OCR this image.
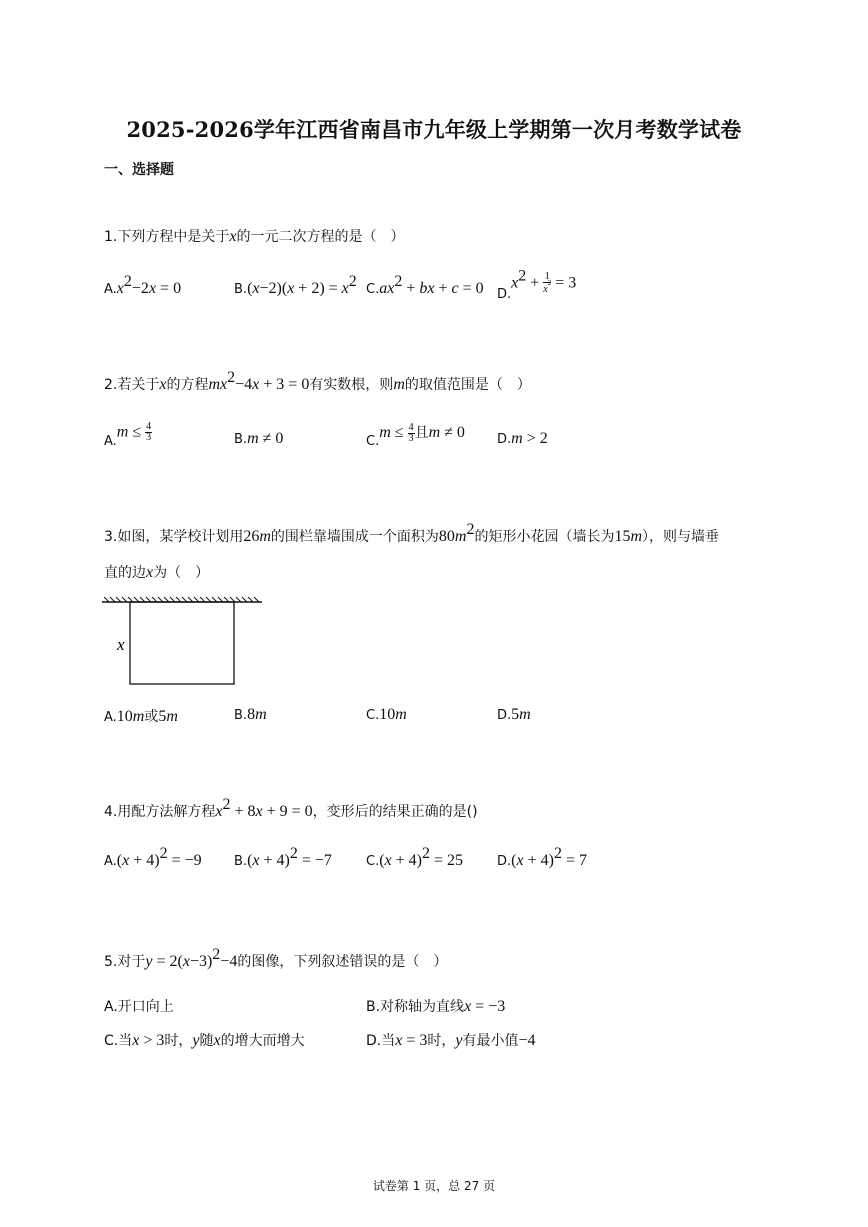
2025-2026学年江西省南昌市九年级上学期第一次月考数学试卷
一、选择题
1.下列方程中是关于x的一元二次方程的是（　）
$A.x^2-2x = 0$	$B.(x-2)(x + 2) = x^2$ $C.ax^2$ + bx + c = 0 $D.x^2 + \frac{1}{x^2} = 3$
2.若关于x的方程$mx^2-4x + 3 = 0$有实数根，则m的取值范围是（　）
$A.m \le \frac{4}{3}$	B.m ≠ 0	$C.m \le \frac{4}{3}$ 且m ≠ 0 D.m > 2
3.如图，某学校计划用26m的围栏靠墙围成一个面积为$80m^2$的矩形小花园（墙长为15m），则与墙垂
直的边x为（　）
x
A.10m或5m	B.8m	C.10m	D.5m
4.用配方法解方程$x^2 + 8x + 9 = 0$，变形后的结果正确的是()
$A.(x + 4)^2 = -9$ $B.(x + 4)^2 = -7$	$C.(x + 4)^2 = 25$	$D.(x + 4)^2 = 7$
5.对于$y = 2(x-3)^2-4$的图像，下列叙述错误的是（　）
A.开口向上	B.对称轴为直线x = −3
C.当x > 3时，y随x的增大而增大	D.当x = 3时，y有最小值−4
试卷第 1 页，总 27 页
